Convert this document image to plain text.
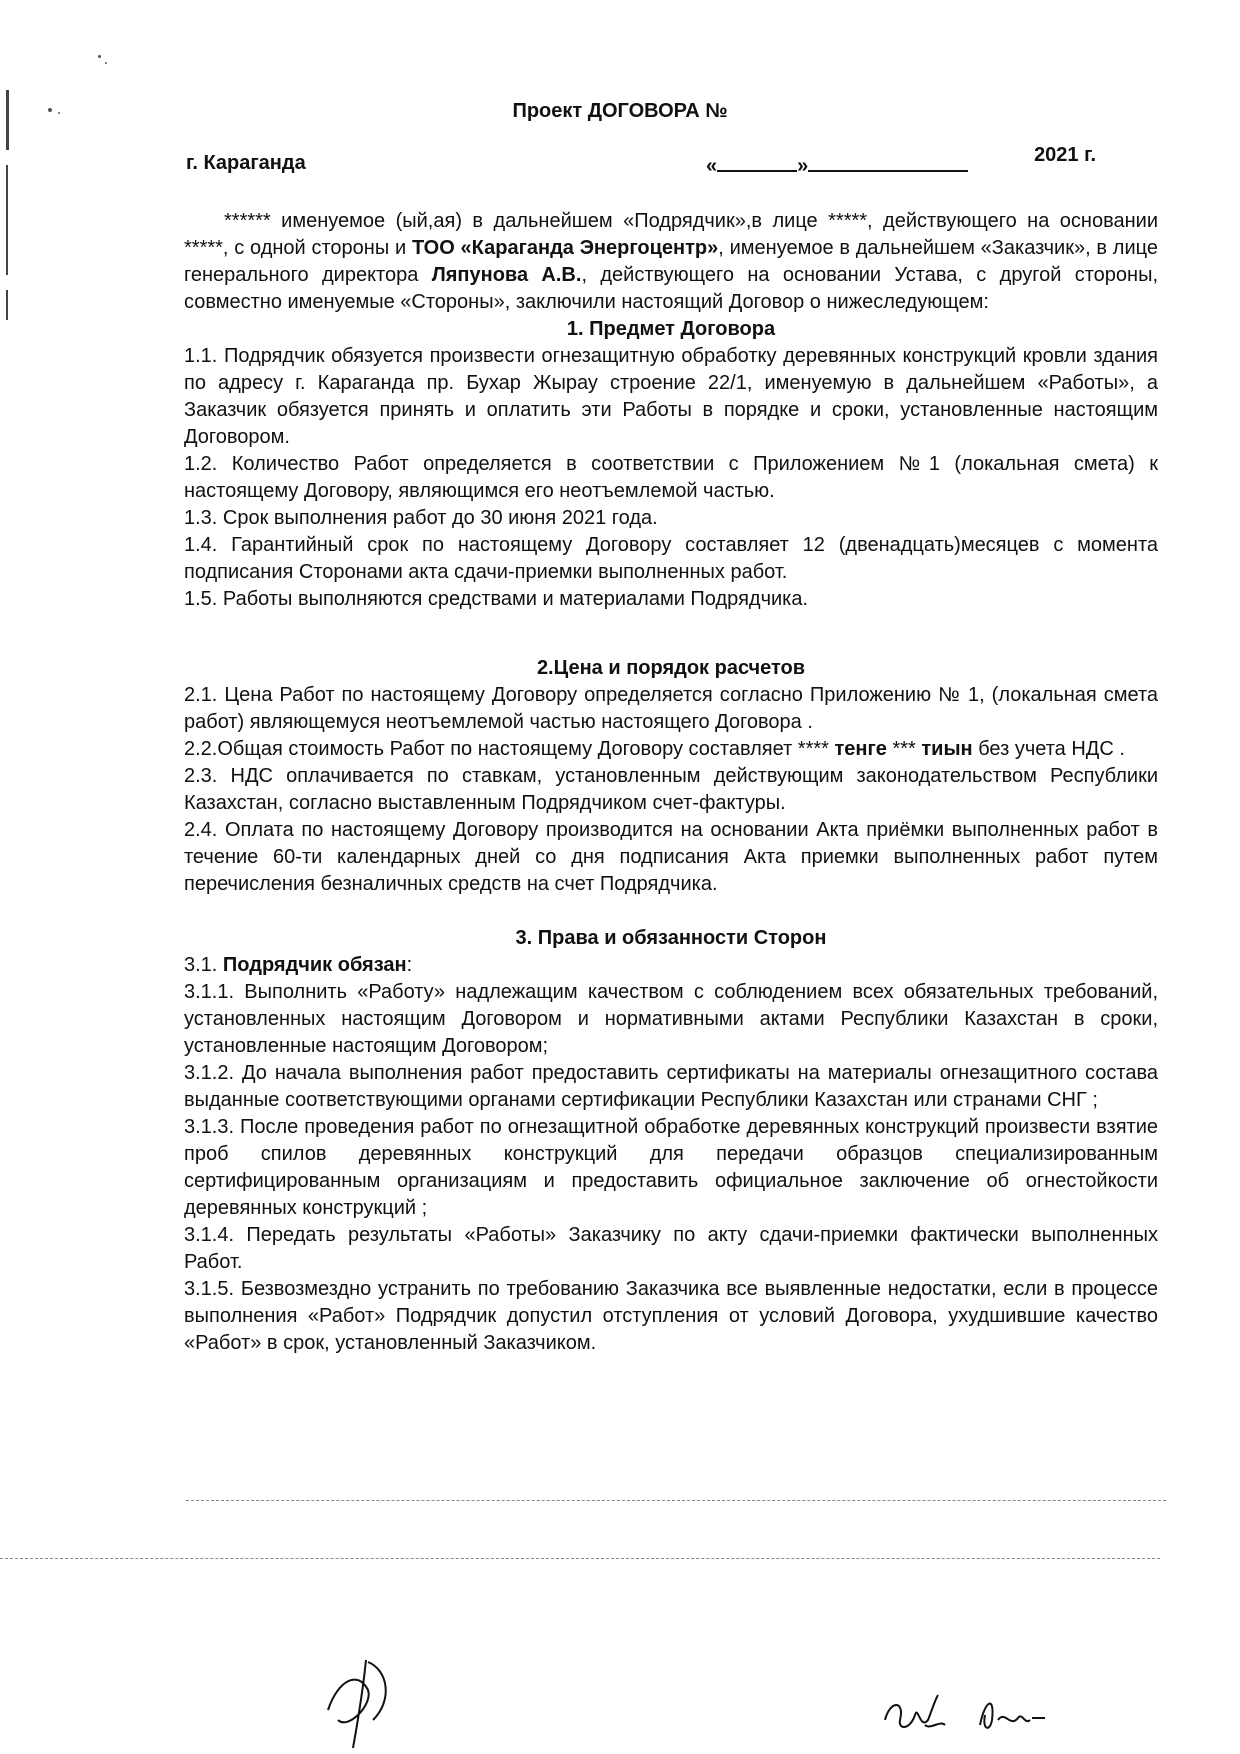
Проект ДОГОВОРА №
г. Караганда	«	»	2021 г.

****** именуемое (ый,ая) в дальнейшем «Подрядчик»,в лице *****, действующего на основании *****, с одной стороны и ТОО «Караганда Энергоцентр», именуемое в дальнейшем «Заказчик», в лице генерального директора Ляпунова А.В., действующего на основании Устава, с другой стороны, совместно именуемые «Стороны», заключили настоящий Договор о нижеследующем:

1. Предмет Договора

1.1. Подрядчик обязуется произвести огнезащитную обработку деревянных конструкций кровли здания по адресу г. Караганда пр. Бухар Жырау строение 22/1, именуемую в дальнейшем «Работы», а Заказчик обязуется принять и оплатить эти Работы в порядке и сроки, установленные настоящим Договором.

1.2. Количество Работ определяется в соответствии с Приложением №1 (локальная смета) к настоящему Договору, являющимся его неотъемлемой частью.

1.3. Срок выполнения работ до 30 июня 2021 года.

1.4. Гарантийный срок по настоящему Договору составляет 12 (двенадцать)месяцев с момента подписания Сторонами акта сдачи-приемки выполненных работ.

1.5. Работы выполняются средствами и материалами Подрядчика.

2.Цена и порядок расчетов

2.1. Цена Работ по настоящему Договору определяется согласно Приложению № 1, (локальная смета работ) являющемуся неотъемлемой частью настоящего Договора .

2.2.Общая стоимость Работ по настоящему Договору составляет **** тенге *** тиын без учета НДС .

2.3. НДС оплачивается по ставкам, установленным действующим законодательством Республики Казахстан, согласно выставленным Подрядчиком счет-фактуры.

2.4. Оплата по настоящему Договору производится на основании Акта приёмки выполненных работ в течение 60-ти календарных дней со дня подписания Акта приемки выполненных работ путем перечисления безналичных средств на счет Подрядчика.

3. Права и обязанности Сторон

3.1. Подрядчик обязан:

3.1.1. Выполнить «Работу» надлежащим качеством с соблюдением всех обязательных требований, установленных настоящим Договором и нормативными актами Республики Казахстан в сроки, установленные настоящим Договором;

3.1.2. До начала выполнения работ предоставить сертификаты на материалы огнезащитного состава выданные соответствующими органами сертификации Республики Казахстан или странами СНГ ;

3.1.3. После проведения работ по огнезащитной обработке деревянных конструкций произвести взятие проб спилов деревянных конструкций для передачи образцов специализированным сертифицированным организациям и предоставить официальное заключение об огнестойкости деревянных конструкций ;

3.1.4. Передать результаты «Работы» Заказчику по акту сдачи-приемки фактически выполненных Работ.

3.1.5. Безвозмездно устранить по требованию Заказчика все выявленные недостатки, если в процессе выполнения «Работ» Подрядчик допустил отступления от условий Договора, ухудшившие качество «Работ» в срок, установленный Заказчиком.
